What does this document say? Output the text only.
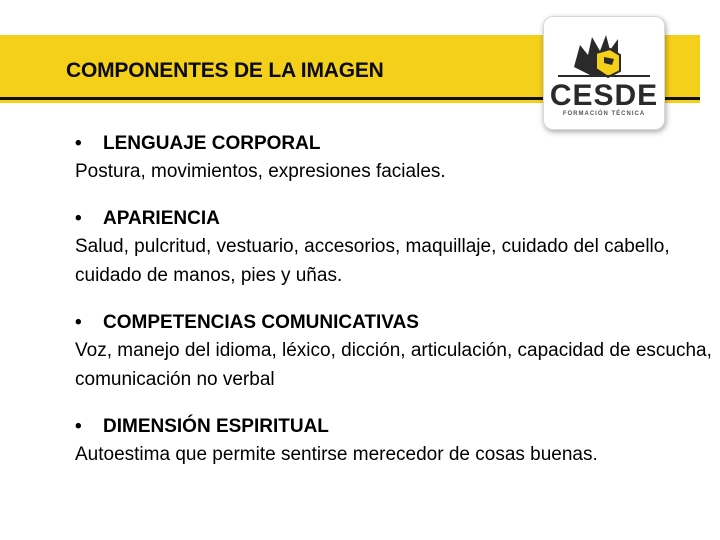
COMPONENTES DE LA IMAGEN
CESDE
FORMACIÓN TÉCNICA
• LENGUAJE CORPORAL
Postura, movimientos, expresiones faciales.
• APARIENCIA
Salud, pulcritud, vestuario, accesorios, maquillaje, cuidado del cabello, cuidado de manos, pies y uñas.
• COMPETENCIAS COMUNICATIVAS
Voz, manejo del idioma, léxico, dicción, articulación, capacidad de escucha, comunicación no verbal
• DIMENSIÓN ESPIRITUAL
Autoestima que permite sentirse merecedor de cosas buenas.
